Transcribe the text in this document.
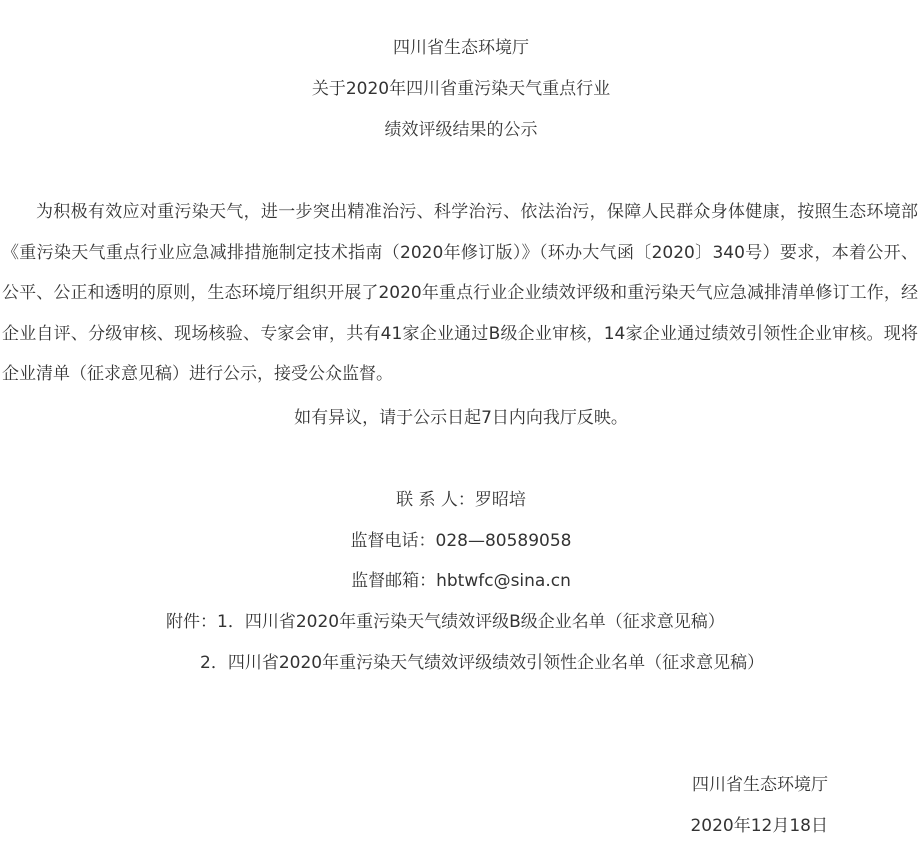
四川省生态环境厅
关于2020年四川省重污染天气重点行业
绩效评级结果的公示
为积极有效应对重污染天气，进一步突出精准治污、科学治污、依法治污，保障人民群众身体健康，按照生态环境部《重污染天气重点行业应急减排措施制定技术指南（2020年修订版）》（环办大气函〔2020〕340号）要求，本着公开、公平、公正和透明的原则，生态环境厅组织开展了2020年重点行业企业绩效评级和重污染天气应急减排清单修订工作，经企业自评、分级审核、现场核验、专家会审，共有41家企业通过B级企业审核，14家企业通过绩效引领性企业审核。现将企业清单（征求意见稿）进行公示，接受公众监督。
如有异议，请于公示日起7日内向我厅反映。
联 系 人：罗昭培
监督电话：028—80589058
监督邮箱：hbtwfc@sina.cn
附件：1．四川省2020年重污染天气绩效评级B级企业名单（征求意见稿）
2．四川省2020年重污染天气绩效评级绩效引领性企业名单（征求意见稿）
四川省生态环境厅
2020年12月18日
